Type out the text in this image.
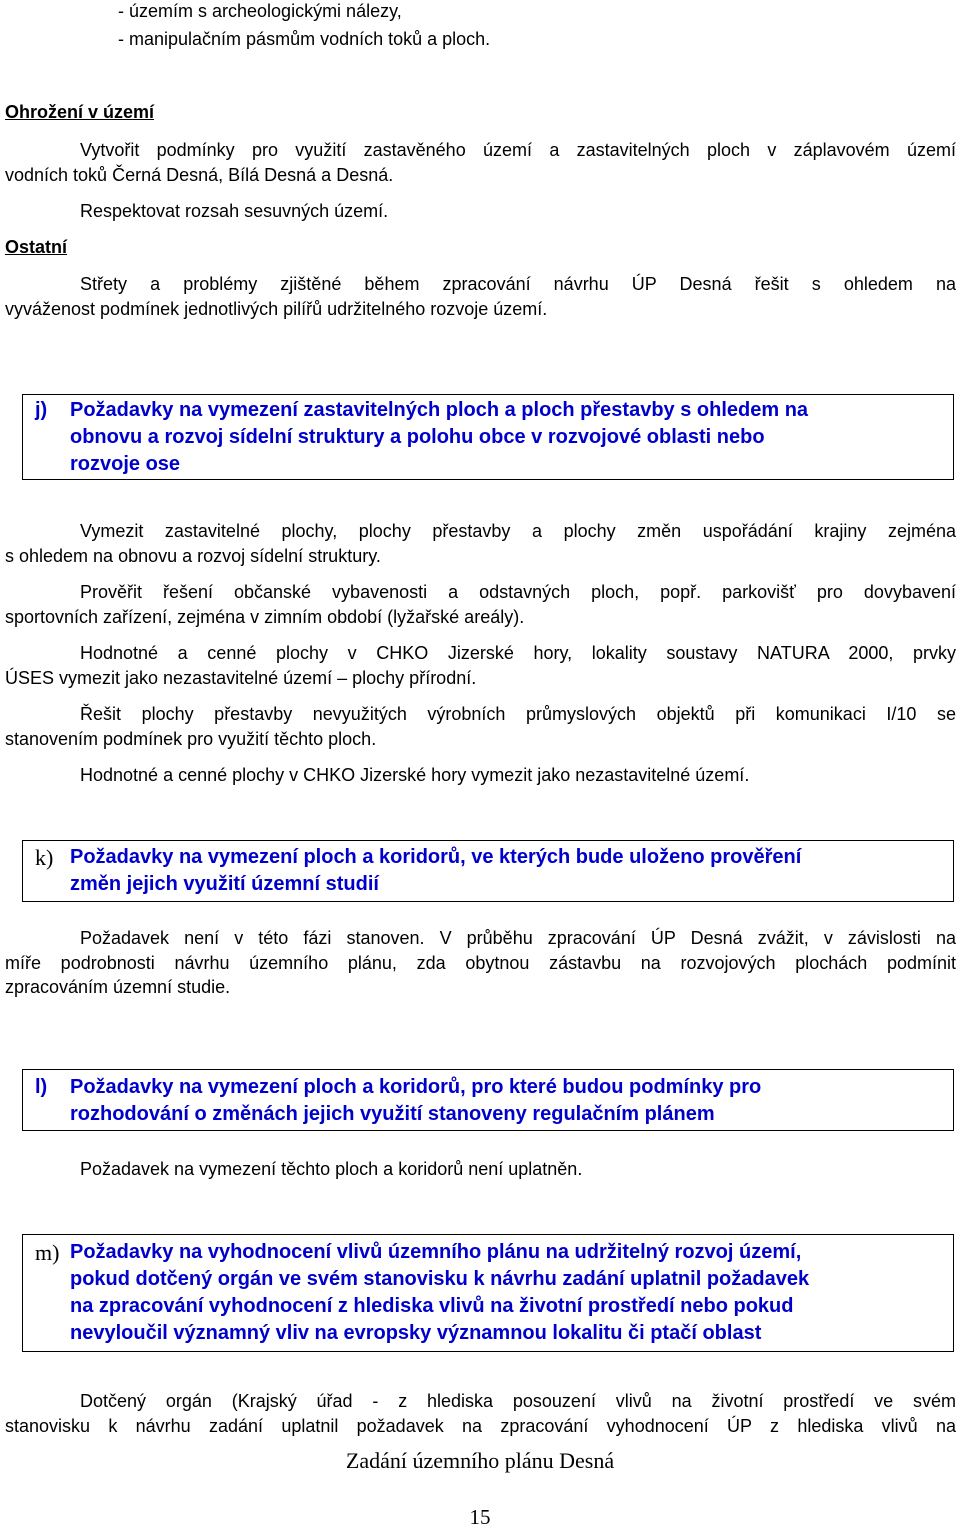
- územím s archeologickými nálezy,
- manipulačním pásmům vodních toků a ploch.
Ohrožení v území
Vytvořit podmínky pro využití zastavěného území a zastavitelných ploch v záplavovém území
vodních toků Černá Desná, Bílá Desná a Desná.
Respektovat rozsah sesuvných území.
Ostatní
Střety a problémy zjištěné během zpracování návrhu ÚP Desná řešit s ohledem na
vyváženost podmínek jednotlivých pilířů udržitelného rozvoje území.
j) Požadavky na vymezení zastavitelných ploch a ploch přestavby s ohledem na
obnovu a rozvoj sídelní struktury a polohu obce v rozvojové oblasti nebo
rozvoje ose
Vymezit zastavitelné plochy, plochy přestavby a plochy změn uspořádání krajiny zejména
s ohledem na obnovu a rozvoj sídelní struktury.
Prověřit řešení občanské vybavenosti a odstavných ploch, popř. parkovišť pro dovybavení
sportovních zařízení, zejména v zimním období (lyžařské areály).
Hodnotné a cenné plochy v CHKO Jizerské hory, lokality soustavy NATURA 2000, prvky
ÚSES vymezit jako nezastavitelné území – plochy přírodní.
Řešit plochy přestavby nevyužitých výrobních průmyslových objektů při komunikaci I/10 se
stanovením podmínek pro využití těchto ploch.
Hodnotné a cenné plochy v CHKO Jizerské hory vymezit jako nezastavitelné území.
k) Požadavky na vymezení ploch a koridorů, ve kterých bude uloženo prověření
změn jejich využití územní studií
Požadavek není v této fázi stanoven. V průběhu zpracování ÚP Desná zvážit, v závislosti na
míře podrobnosti návrhu územního plánu, zda obytnou zástavbu na rozvojových plochách podmínit
zpracováním územní studie.
l) Požadavky na vymezení ploch a koridorů, pro které budou podmínky pro
rozhodování o změnách jejich využití stanoveny regulačním plánem
Požadavek na vymezení těchto ploch a koridorů není uplatněn.
m) Požadavky na vyhodnocení vlivů územního plánu na udržitelný rozvoj území,
pokud dotčený orgán ve svém stanovisku k návrhu zadání uplatnil požadavek
na zpracování vyhodnocení z hlediska vlivů na životní prostředí nebo pokud
nevyloučil významný vliv na evropsky významnou lokalitu či ptačí oblast
Dotčený orgán (Krajský úřad - z hlediska posouzení vlivů na životní prostředí ve svém
stanovisku k návrhu zadání uplatnil požadavek na zpracování vyhodnocení ÚP z hlediska vlivů na
Zadání územního plánu Desná
15
